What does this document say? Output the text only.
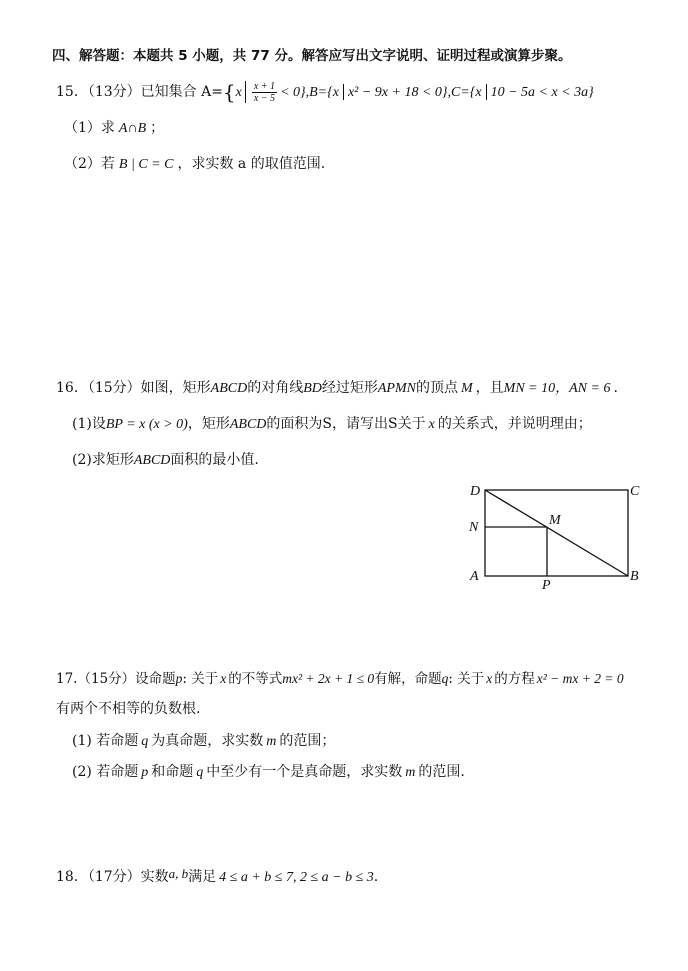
四、解答题：本题共 5 小题，共 77 分。解答应写出文字说明、证明过程或演算步聚。
15．（13分）已知集合 $A=\{x \frac{x + 1}{x - 5} < 0\},B=\{x$ x² − 9x + 18 < 0},C={x 10 − 5a < x < 3a}
（1）求 A∩B ；
（2）若 B | C = C ，求实数 a 的取值范围.
16．（15分）如图，矩形ABCD的对角线BD经过矩形APMN的顶点 M ，且MN = 10，AN = 6 .
(1)设BP = x (x > 0)，矩形ABCD的面积为S，请写出S关于 x 的关系式，并说明理由；
(2)求矩形ABCD面积的最小值.
D	C
N	M
A
P
B
17.（15分）设命题p: 关于 x 的不等式mx² + 2x + 1 ≤ 0有解，命题q: 关于 x 的方程 x² − mx + 2 = 0
有两个不相等的负数根.
(1) 若命题 q 为真命题，求实数 m 的范围；
(2) 若命题 p 和命题 q 中至少有一个是真命题，求实数 m 的范围.
18．（17分）实数a, b满足 4 ≤ a + b ≤ 7, 2 ≤ a − b ≤ 3.
